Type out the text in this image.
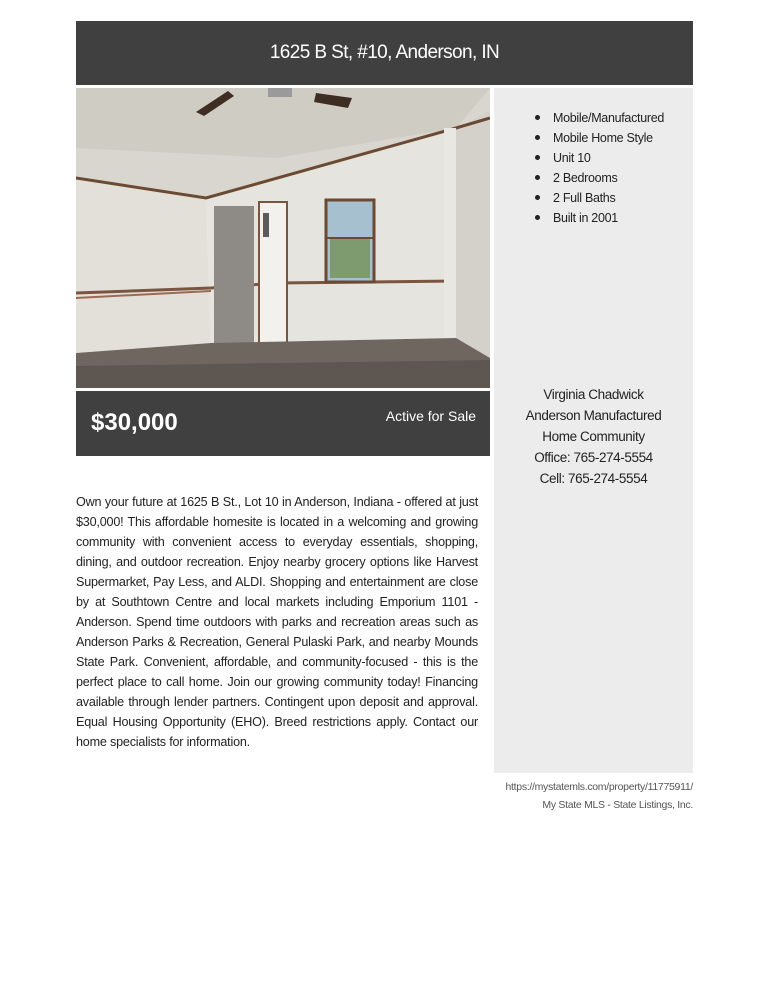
1625 B St, #10, Anderson, IN
$30,000	Active for Sale
Mobile/Manufactured
Mobile Home Style
Unit 10
2 Bedrooms
2 Full Baths
Built in 2001
Virginia Chadwick
Anderson Manufactured
Home Community
Office: 765-274-5554
Cell: 765-274-5554

Own your future at 1625 B St., Lot 10 in Anderson, Indiana - offered at just $30,000! This affordable homesite is located in a welcoming and growing community with convenient access to everyday essentials, shopping, dining, and outdoor recreation. Enjoy nearby grocery options like Harvest Supermarket, Pay Less, and ALDI. Shopping and entertainment are close by at Southtown Centre and local markets including Emporium 1101 - Anderson. Spend time outdoors with parks and recreation areas such as Anderson Parks & Recreation, General Pulaski Park, and nearby Mounds State Park. Convenient, affordable, and community-focused - this is the perfect place to call home. Join our growing community today! Financing available through lender partners. Contingent upon deposit and approval. Equal Housing Opportunity (EHO). Breed restrictions apply. Contact our home specialists for information.

https://mystatemls.com/property/11775911/
My State MLS - State Listings, Inc.
